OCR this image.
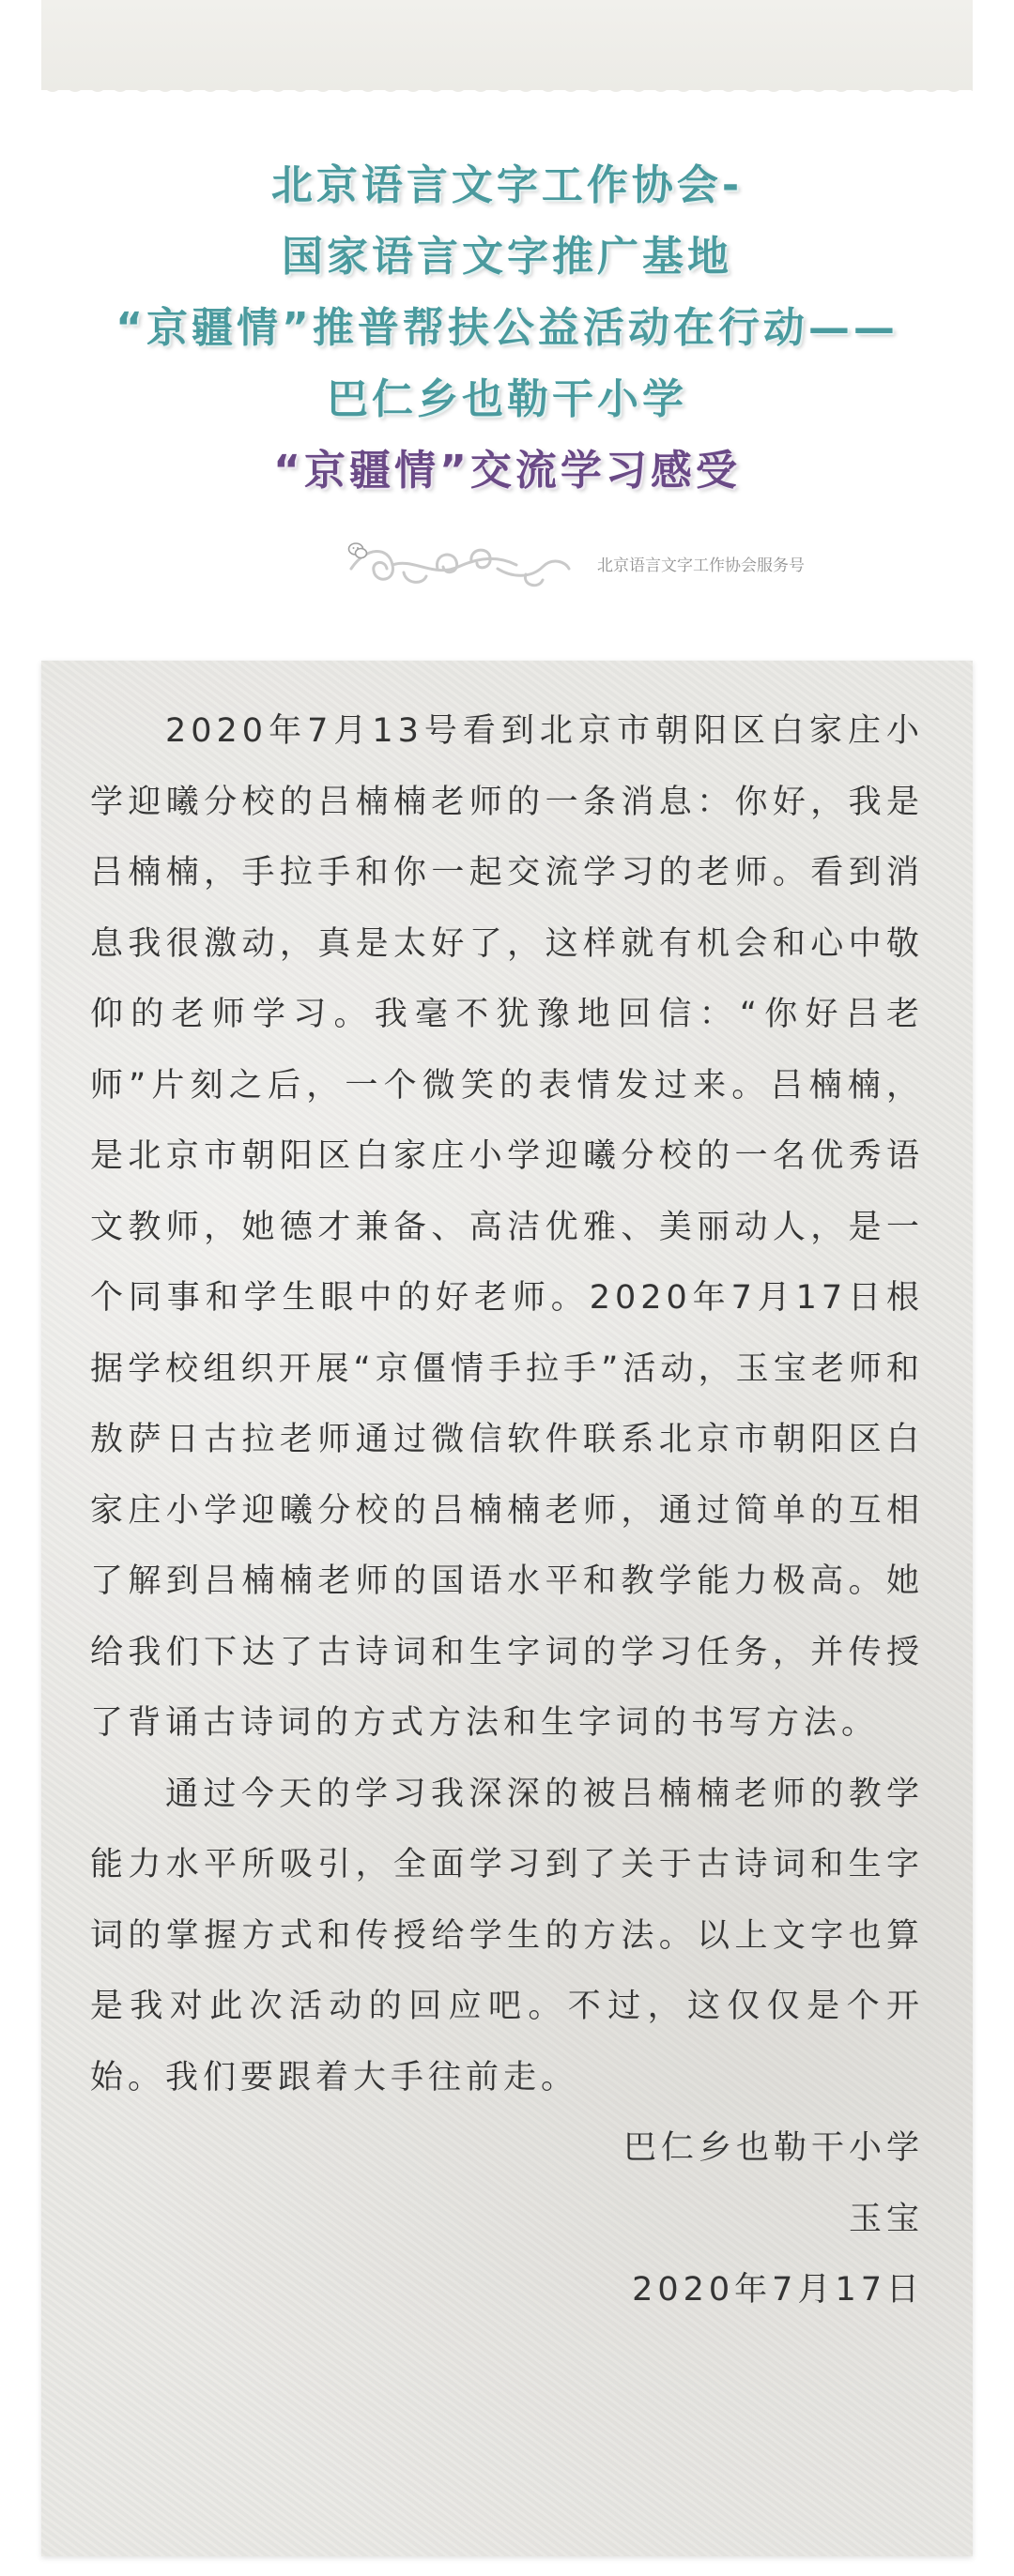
北京语言文字工作协会-
国家语言文字推广基地
“京疆情”推普帮扶公益活动在行动——
巴仁乡也勒干小学
“京疆情”交流学习感受
北京语言文字工作协会服务号

2020年7月13号看到北京市朝阳区白家庄小学迎曦分校的吕楠楠老师的一条消息：你好，我是吕楠楠，手拉手和你一起交流学习的老师。看到消息我很激动，真是太好了，这样就有机会和心中敬仰的老师学习。我毫不犹豫地回信：“你好吕老师”片刻之后，一个微笑的表情发过来。吕楠楠，是北京市朝阳区白家庄小学迎曦分校的一名优秀语文教师，她德才兼备、高洁优雅、美丽动人，是一个同事和学生眼中的好老师。2020年7月17日根据学校组织开展“京僵情手拉手”活动，玉宝老师和敖萨日古拉老师通过微信软件联系北京市朝阳区白家庄小学迎曦分校的吕楠楠老师，通过简单的互相了解到吕楠楠老师的国语水平和教学能力极高。她给我们下达了古诗词和生字词的学习任务，并传授了背诵古诗词的方式方法和生字词的书写方法。

通过今天的学习我深深的被吕楠楠老师的教学能力水平所吸引，全面学习到了关于古诗词和生字词的掌握方式和传授给学生的方法。以上文字也算是我对此次活动的回应吧。不过，这仅仅是个开始。我们要跟着大手往前走。

巴仁乡也勒干小学

玉宝

2020年7月17日
